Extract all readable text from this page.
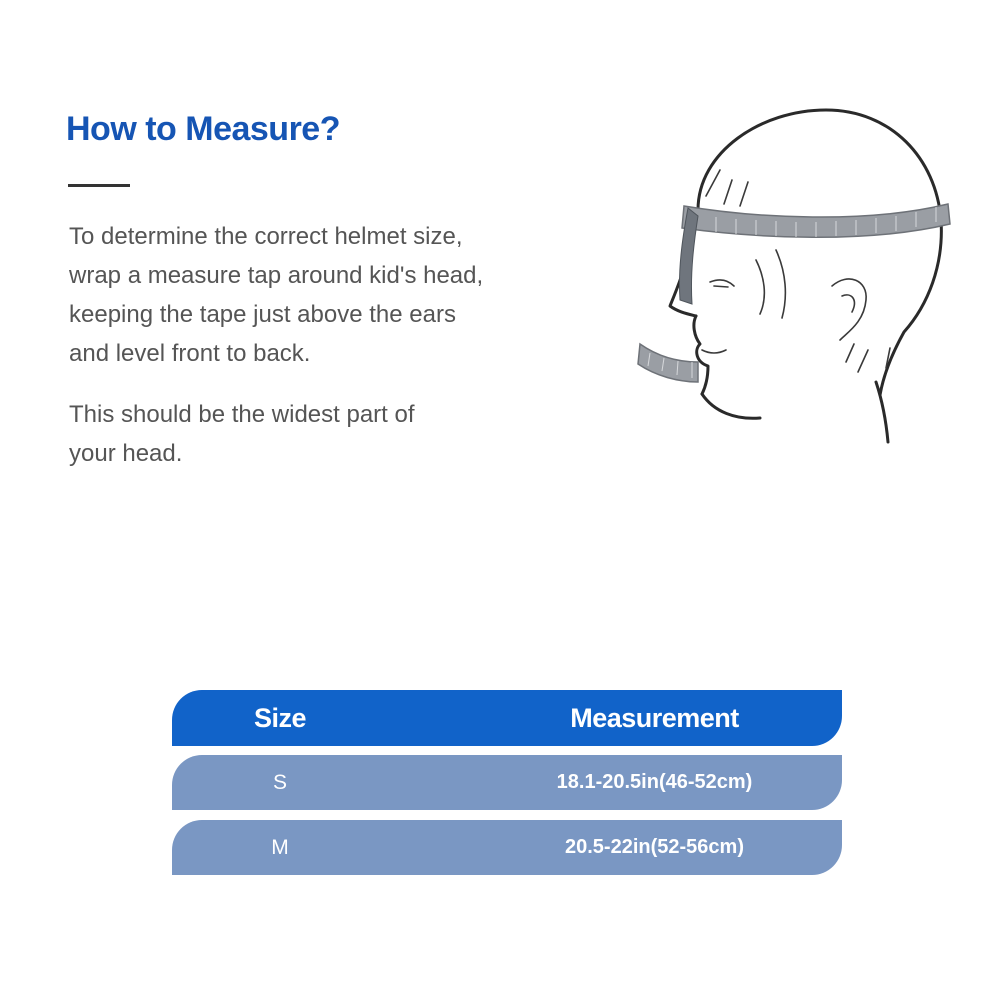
How to Measure?

To determine the correct helmet size,
wrap a measure tap around kid's head,
keeping the tape just above the ears
and level front to back.

This should be the widest part of
your head.

Size	Measurement
S	18.1-20.5in(46-52cm)
M	20.5-22in(52-56cm)
